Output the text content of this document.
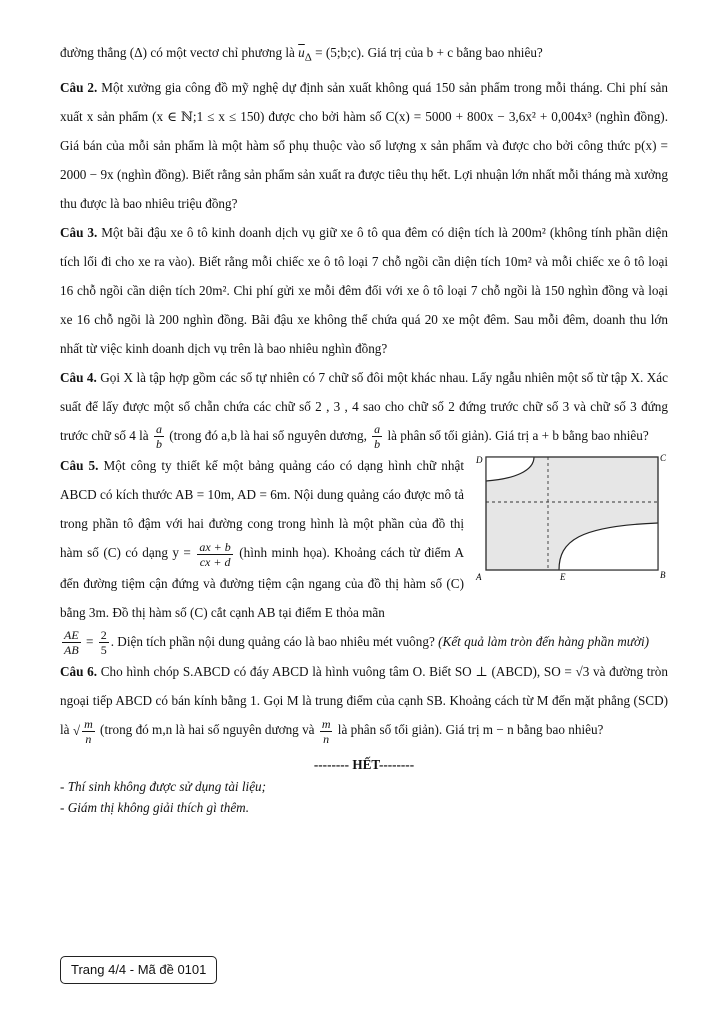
đường thẳng (Δ) có một vectơ chỉ phương là $\overline{u}_\Delta$ = (5;b;c). Giá trị của b + c bằng bao nhiêu?

Câu 2. Một xưởng gia công đồ mỹ nghệ dự định sản xuất không quá 150 sản phẩm trong mỗi tháng. Chi phí sản xuất x sản phẩm (x ∈ ℕ;1 ≤ x ≤ 150) được cho bởi hàm số C(x) = 5000 + 800x − 3,6x² + 0,004x³ (nghìn đồng). Giá bán của mỗi sản phẩm là một hàm số phụ thuộc vào số lượng x sản phẩm và được cho bởi công thức p(x) = 2000 − 9x (nghìn đồng). Biết rằng sản phẩm sản xuất ra được tiêu thụ hết. Lợi nhuận lớn nhất mỗi tháng mà xưởng thu được là bao nhiêu triệu đồng?

Câu 3. Một bãi đậu xe ô tô kinh doanh dịch vụ giữ xe ô tô qua đêm có diện tích là 200m² (không tính phần diện tích lối đi cho xe ra vào). Biết rằng mỗi chiếc xe ô tô loại 7 chỗ ngồi cần diện tích 10m² và mỗi chiếc xe ô tô loại 16 chỗ ngồi cần diện tích 20m². Chi phí gửi xe mỗi đêm đối với xe ô tô loại 7 chỗ ngồi là 150 nghìn đồng và loại xe 16 chỗ ngồi là 200 nghìn đồng. Bãi đậu xe không thể chứa quá 20 xe một đêm. Sau mỗi đêm, doanh thu lớn nhất từ việc kinh doanh dịch vụ trên là bao nhiêu nghìn đồng?

Câu 4. Gọi X là tập hợp gồm các số tự nhiên có 7 chữ số đôi một khác nhau. Lấy ngẫu nhiên một số từ tập X. Xác suất để lấy được một số chẵn chứa các chữ số 2 , 3 , 4 sao cho chữ số 2 đứng trước chữ số 3 và chữ số 3 đứng trước chữ số 4 là $\frac{a}{b}$ (trong đó a,b là hai số nguyên dương, $\frac{a}{b}$ là phân số tối giản). Giá trị a + b bằng bao nhiêu?

Câu 5. Một công ty thiết kế một bảng quảng cáo có dạng hình chữ nhật ABCD có kích thước AB = 10m, AD = 6m. Nội dung quảng cáo được mô tả trong phần tô đậm với hai đường cong trong hình là một phần của đồ thị hàm số (C) có dạng $y = \frac{ax + b}{cx + d}$ (hình minh họa). Khoảng cách từ điểm A đến đường tiệm cận đứng và đường tiệm cận ngang của đồ thị hàm số (C) bằng 3m. Đồ thị hàm số (C) cắt cạnh AB tại điểm E thỏa mãn

$\frac{AE}{AB} = \frac{2}{5}$ . Diện tích phần nội dung quảng cáo là bao nhiêu mét vuông? (Kết quả làm tròn đến hàng phần mười)

D	C
A	E	B

Câu 6. Cho hình chóp S.ABCD có đáy ABCD là hình vuông tâm O. Biết SO ⊥ (ABCD), SO = √3 và đường tròn ngoại tiếp ABCD có bán kính bằng 1. Gọi M là trung điểm của cạnh SB. Khoảng cách từ M đến mặt phẳng (SCD) là √ $\frac{m}{n}$ (trong đó m,n là hai số nguyên dương và $\frac{m}{n}$ là phân số tối giản). Giá trị m − n bằng bao nhiêu?

-------- HẾT--------
- Thí sinh không được sử dụng tài liệu;
- Giám thị không giải thích gì thêm.
Trang 4/4 - Mã đề 0101
